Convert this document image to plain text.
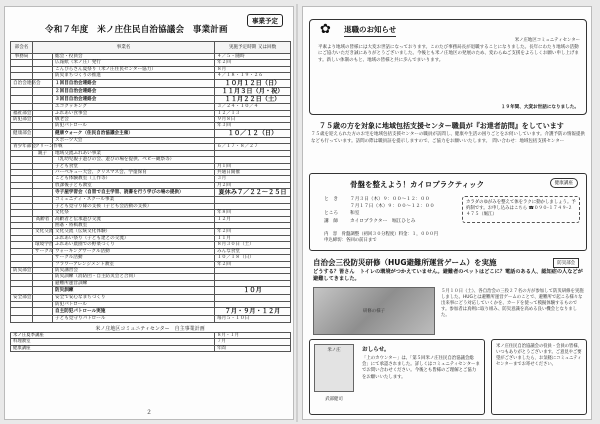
令和７年度　米ノ庄住民自治協議会　事業計画
事業予定
部会名	事業名		実施予定時期 又は回数
事務局		総会・役員会	４／５・随時
		広報紙（米ノ庄）発行	年２回
		こんぴらさん夏祭り（米ノ庄住民センター協力）	８月
		防災まちづくりの推進	４／１８・１９・２６
自治会連絡会		１回目自治会連絡会	１０月１２日（日）
		２回目自治会連絡会	１１月３日（月・祝）
		３回目自治会連絡会	１１月２２日（土）
		エコクッキング	３／２４・１０／４
福祉部会		ふれあい食事会	１２／１３
防犯部会		敬老会	９月８日
		防犯パトロール	年３回
健康部会		健康ウォーク（住民自治協議会主催）	１０／１２（日）
		スポーツ大会	
青少年部会	クリーン作戦		６／１７・８／２７
	親子	地域交流ふれあい事業	
		（乳幼児親子遊びの会、遊びの場を提供、ベビー観察等）	
		子ども食堂	月１回
		バーベキュー大会、クリスマス会、学童保育	共通日開催
		こども体験教室（工作等）	３月
		放課後子ども教室	月２回
		寺子屋学習会（自習で自主学習、読書を行う学びの場の提供）	夏休み７／２２～２５日
		コミュニティ・スクール事業	
		子ども見守り隊の支援（子ども会活動の支援）	
		文化祭	年８回
	高齢者	高齢者と伝承遊び交流	１２月
		囲碁・将棋教室	
	文化交流	文化交流（伝統文化体験）	年２回
		ふれあい祭り（子ども達との交流）	１１月
	環境学習	ふれあい農園での野菜づくり	８月３０日（土）
	サークル	ウォーキングサークル活動	みんな食堂
		サークル活動	１０／１８（日）
		フラワーアレンジメント教室	年２回
防災部会		防災講習会	
		防災訓練（消防団・自主防災会と合同）	
		避難所運営訓練	
		防災訓練	１０月
安全部会		安全で安心なまちづくり	
		防犯パトロール	
		自主防犯パトロール実施	７月・９月・１２月
		子ども見守りパトロール	毎月５・１０日
米ノ庄地区コミュニティセンター　自主事業計画
米ノ庄夏季講座	８月・１月
料理教室	７月
健康講座	年間
２
✿ 退職のお知らせ
米ノ庄地区コミュニティセンター
平素より地域の皆様には大変お世話になっております。このたび事務局長が退職することになりました。長年にわたり地域の活動にご協力いただき誠にありがとうございました。今後とも米ノ庄地区の発展のため、変わらぬご支援をよろしくお願い申し上げます。新しい体制のもと、地域の皆様と共に歩んでまいります。
１９年間、大変お世話になりました。
７５歳の方を対象に地域包括支援センター職員が『お達者訪問』をしています
７５歳を迎えられた方のお宅を地域包括支援センターの職員が訪問し、健康や生活の困りごとをお伺いしています。介護予防の情報提供なども行っています。訪問の際は職員証を提示しますので、ご協力をお願いいたします。　問い合わせ：地域包括支援センター
骨盤を整えよう！カイロプラクティック	健康講座
と　き	７月３日（木）９：００～１２：００
７月１７日（木）９：００～１２：００
ところ	和室
講　師	カイロプラクター　堀江ひとみ
カラダのゆがみを整えて体をラクに動かしましょう。予約制です。お申し込みはこちら ☎０９０-１７４９-２４７５（堀江）
内　容　骨盤調整（初回３０分程度）料金：１，０００円
申込締切：各回の前日まで
自治会三役防災研修（HUG避難所運営ゲーム）を実施	防災部会
どうする？皆さん　トイレの環境がつかえていません。避難者のペットはどこに？電話のある人、認知症の人などが避難してきました。
研修の様子
５月１０日（土）、各自治会の三役２７名の方が参加して防災研修を実施しました。HUGとは避難所運営ゲームのことで、避難所で起こる様々な出来事にどう対応していくかを、カードを使って模擬体験するものです。参加者は真剣に取り組み、防災意識を高める良い機会となりました。
米ノ庄
武部健司
おしらせ。
「上のカウンター」は、「第５回米ノ庄住民自治協議会総会」にて承認されました。詳しくはコミュニティセンターまでお問い合わせください。今後とも皆様のご理解とご協力をお願いいたします。
米ノ庄住民自治協議会の役員・会員の皆様、いつもありがとうございます。ご意見やご要望がございましたら、お気軽にコミュニティセンターまでお寄せください。
